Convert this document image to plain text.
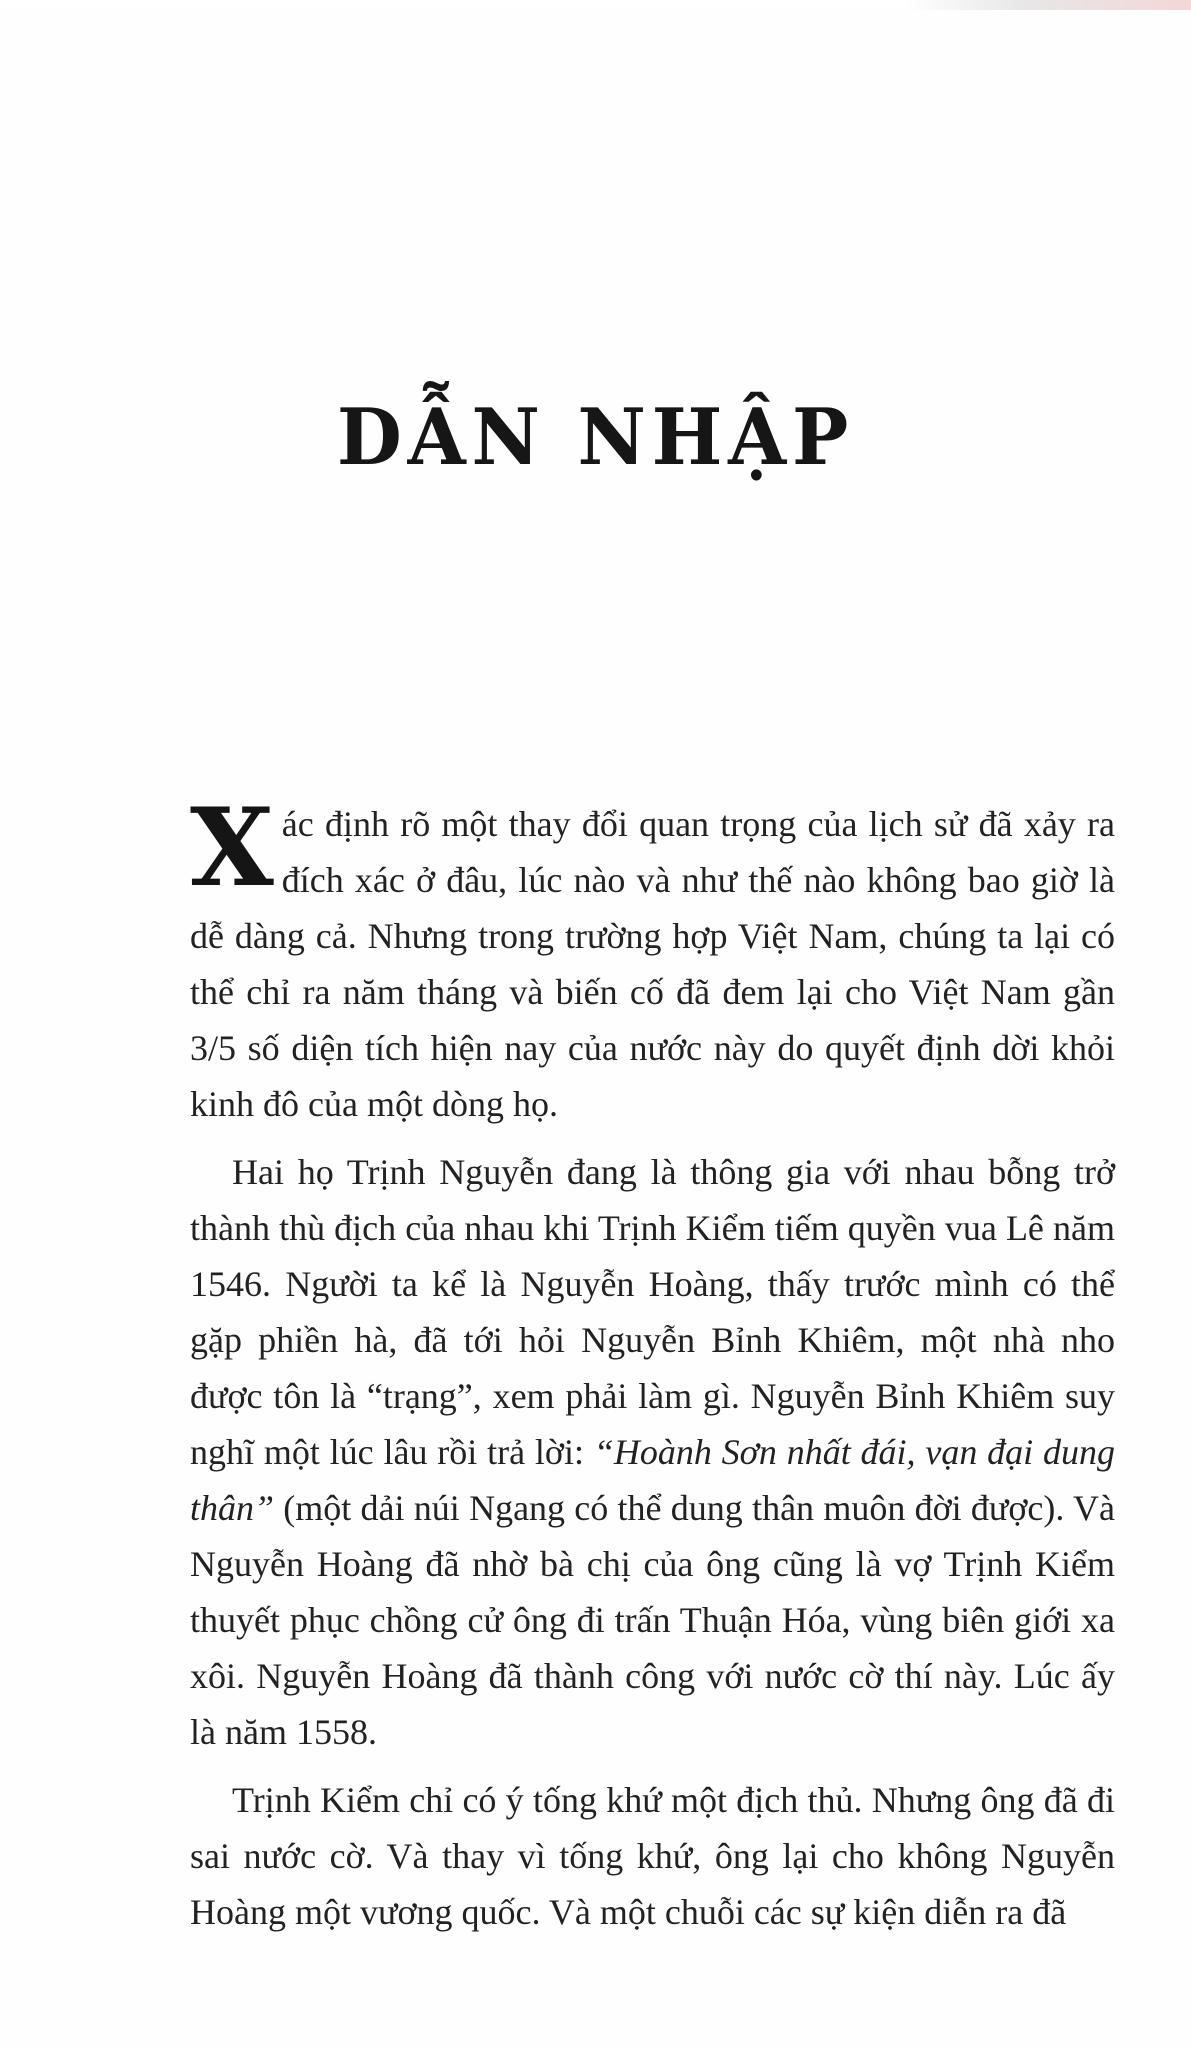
DẪN NHẬP

Xác định rõ một thay đổi quan trọng của lịch sử đã xảy ra đích xác ở đâu, lúc nào và như thế nào không bao giờ là dễ dàng cả. Nhưng trong trường hợp Việt Nam, chúng ta lại có thể chỉ ra năm tháng và biến cố đã đem lại cho Việt Nam gần 3/5 số diện tích hiện nay của nước này do quyết định dời khỏi kinh đô của một dòng họ.

Hai họ Trịnh Nguyễn đang là thông gia với nhau bỗng trở thành thù địch của nhau khi Trịnh Kiểm tiếm quyền vua Lê năm 1546. Người ta kể là Nguyễn Hoàng, thấy trước mình có thể gặp phiền hà, đã tới hỏi Nguyễn Bỉnh Khiêm, một nhà nho được tôn là “trạng”, xem phải làm gì. Nguyễn Bỉnh Khiêm suy nghĩ một lúc lâu rồi trả lời: “Hoành Sơn nhất đái, vạn đại dung thân” (một dải núi Ngang có thể dung thân muôn đời được). Và Nguyễn Hoàng đã nhờ bà chị của ông cũng là vợ Trịnh Kiểm thuyết phục chồng cử ông đi trấn Thuận Hóa, vùng biên giới xa xôi. Nguyễn Hoàng đã thành công với nước cờ thí này. Lúc ấy là năm 1558.

Trịnh Kiểm chỉ có ý tống khứ một địch thủ. Nhưng ông đã đi sai nước cờ. Và thay vì tống khứ, ông lại cho không Nguyễn Hoàng một vương quốc. Và một chuỗi các sự kiện diễn ra đã
